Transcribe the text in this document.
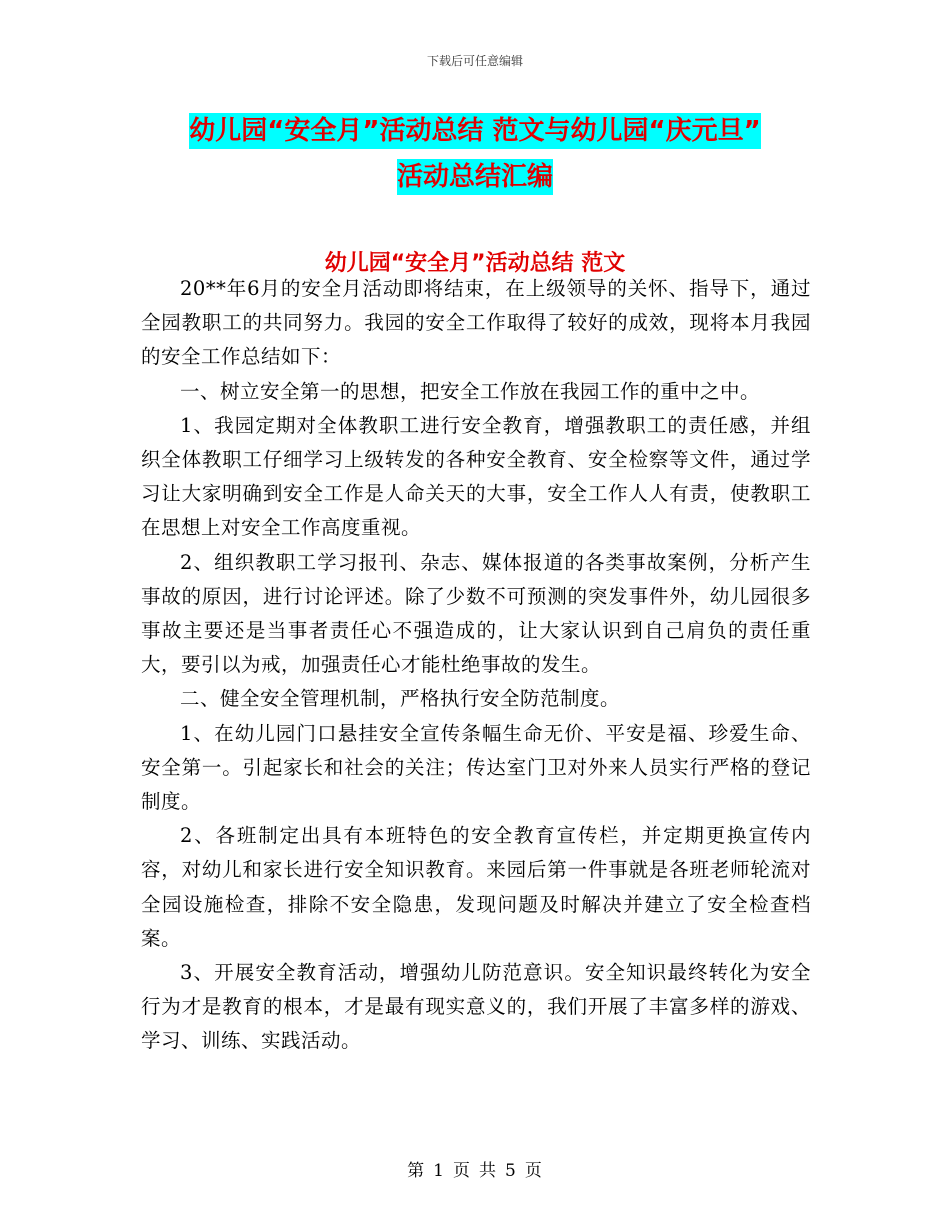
下载后可任意编辑
幼儿园“安全月”活动总结 范文与幼儿园“庆元旦”
活动总结汇编
幼儿园“安全月”活动总结 范文

20**年6月的安全月活动即将结束，在上级领导的关怀、指导下，通过全园教职工的共同努力。我园的安全工作取得了较好的成效，现将本月我园的安全工作总结如下：

一、树立安全第一的思想，把安全工作放在我园工作的重中之中。

1、我园定期对全体教职工进行安全教育，增强教职工的责任感，并组织全体教职工仔细学习上级转发的各种安全教育、安全检察等文件，通过学习让大家明确到安全工作是人命关天的大事，安全工作人人有责，使教职工在思想上对安全工作高度重视。

2、组织教职工学习报刊、杂志、媒体报道的各类事故案例，分析产生事故的原因，进行讨论评述。除了少数不可预测的突发事件外，幼儿园很多事故主要还是当事者责任心不强造成的，让大家认识到自己肩负的责任重大，要引以为戒，加强责任心才能杜绝事故的发生。

二、健全安全管理机制，严格执行安全防范制度。

1、在幼儿园门口悬挂安全宣传条幅生命无价、平安是福、珍爱生命、安全第一。引起家长和社会的关注；传达室门卫对外来人员实行严格的登记制度。

2、各班制定出具有本班特色的安全教育宣传栏，并定期更换宣传内容，对幼儿和家长进行安全知识教育。来园后第一件事就是各班老师轮流对全园设施检查，排除不安全隐患，发现问题及时解决并建立了安全检查档案。

3、开展安全教育活动，增强幼儿防范意识。安全知识最终转化为安全行为才是教育的根本，才是最有现实意义的，我们开展了丰富多样的游戏、学习、训练、实践活动。

第 1 页 共 5 页
